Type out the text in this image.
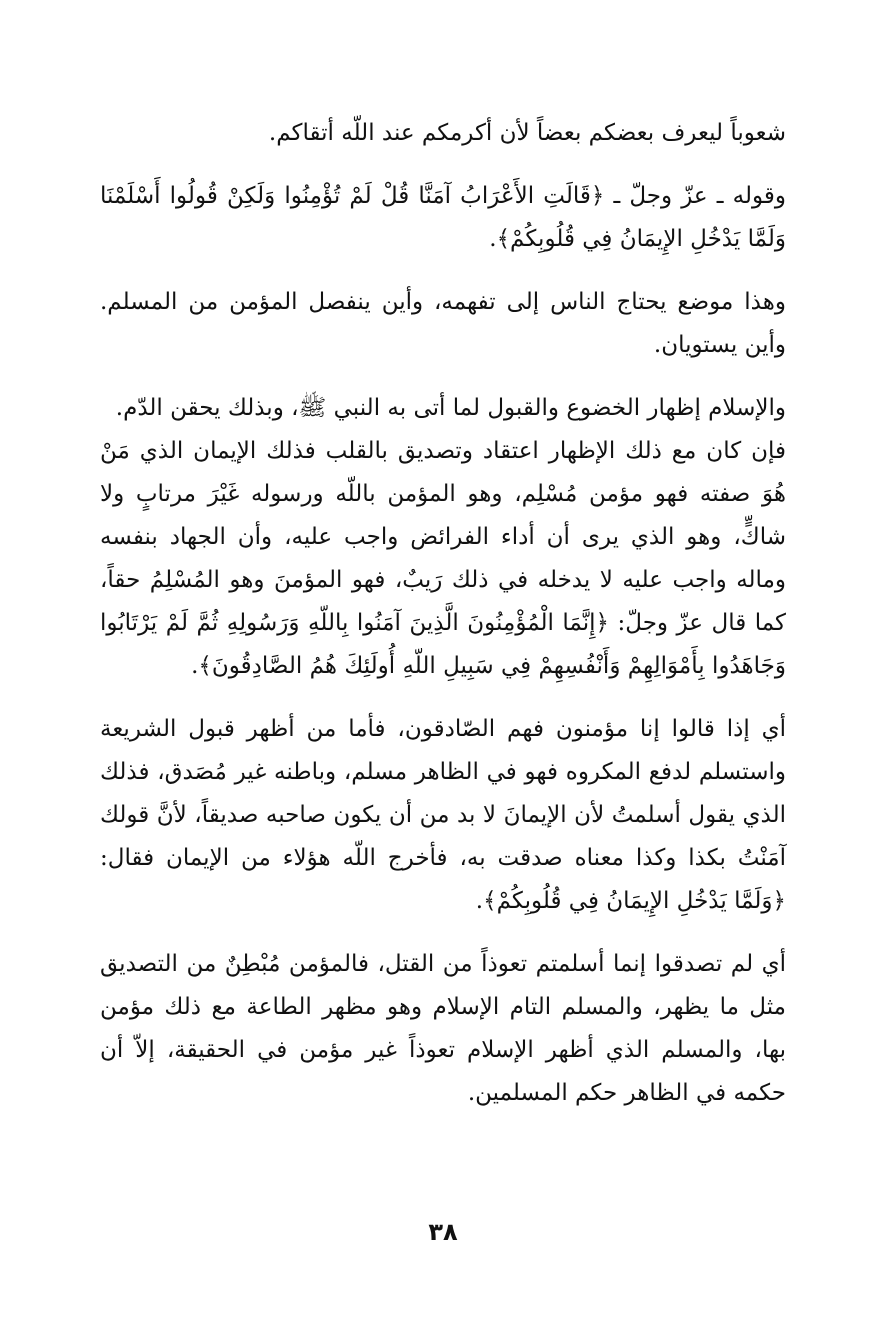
شعوباً ليعرف بعضكم بعضاً لأن أكرمكم عند اللّه أتقاكم.

وقوله ـ عزّ وجلّ ـ ﴿قَالَتِ الأَعْرَابُ آمَنَّا قُلْ لَمْ تُؤْمِنُوا وَلَكِنْ قُولُوا أَسْلَمْنَا وَلَمَّا يَدْخُلِ الإِيمَانُ فِي قُلُوبِكُمْ﴾.

وهذا موضع يحتاج الناس إلى تفهمه، وأين ينفصل المؤمن من المسلم. وأين يستويان.

والإسلام إظهار الخضوع والقبول لما أتى به النبي ﷺ، وبذلك يحقن الدّم.

فإن كان مع ذلك الإظهار اعتقاد وتصديق بالقلب فذلك الإيمان الذي مَنْ هُوَ صفته فهو مؤمن مُسْلِم، وهو المؤمن باللّه ورسوله غَيْرَ مرتابٍ ولا شاكٍّ، وهو الذي يرى أن أداء الفرائض واجب عليه، وأن الجهاد بنفسه وماله واجب عليه لا يدخله في ذلك رَيبٌ، فهو المؤمنَ وهو المُسْلِمُ حقاً، كما قال عزّ وجلّ: ﴿إِنَّمَا الْمُؤْمِنُونَ الَّذِينَ آمَنُوا بِاللّهِ وَرَسُولِهِ ثُمَّ لَمْ يَرْتَابُوا وَجَاهَدُوا بِأَمْوَالِهِمْ وَأَنْفُسِهِمْ فِي سَبِيلِ اللّهِ أُولَئِكَ هُمُ الصَّادِقُونَ﴾.

أي إذا قالوا إنا مؤمنون فهم الصّادقون، فأما من أظهر قبول الشريعة واستسلم لدفع المكروه فهو في الظاهر مسلم، وباطنه غير مُصَدق، فذلك الذي يقول أسلمتُ لأن الإيمانَ لا بد من أن يكون صاحبه صديقاً، لأنَّ قولك آمَنْتُ بكذا وكذا معناه صدقت به، فأخرج اللّه هؤلاء من الإيمان فقال: ﴿وَلَمَّا يَدْخُلِ الإِيمَانُ فِي قُلُوبِكُمْ﴾.

أي لم تصدقوا إنما أسلمتم تعوذاً من القتل، فالمؤمن مُبْطِنٌ من التصديق مثل ما يظهر، والمسلم التام الإسلام وهو مظهر الطاعة مع ذلك مؤمن بها، والمسلم الذي أظهر الإسلام تعوذاً غير مؤمن في الحقيقة، إلاّ أن حكمه في الظاهر حكم المسلمين.

٣٨
